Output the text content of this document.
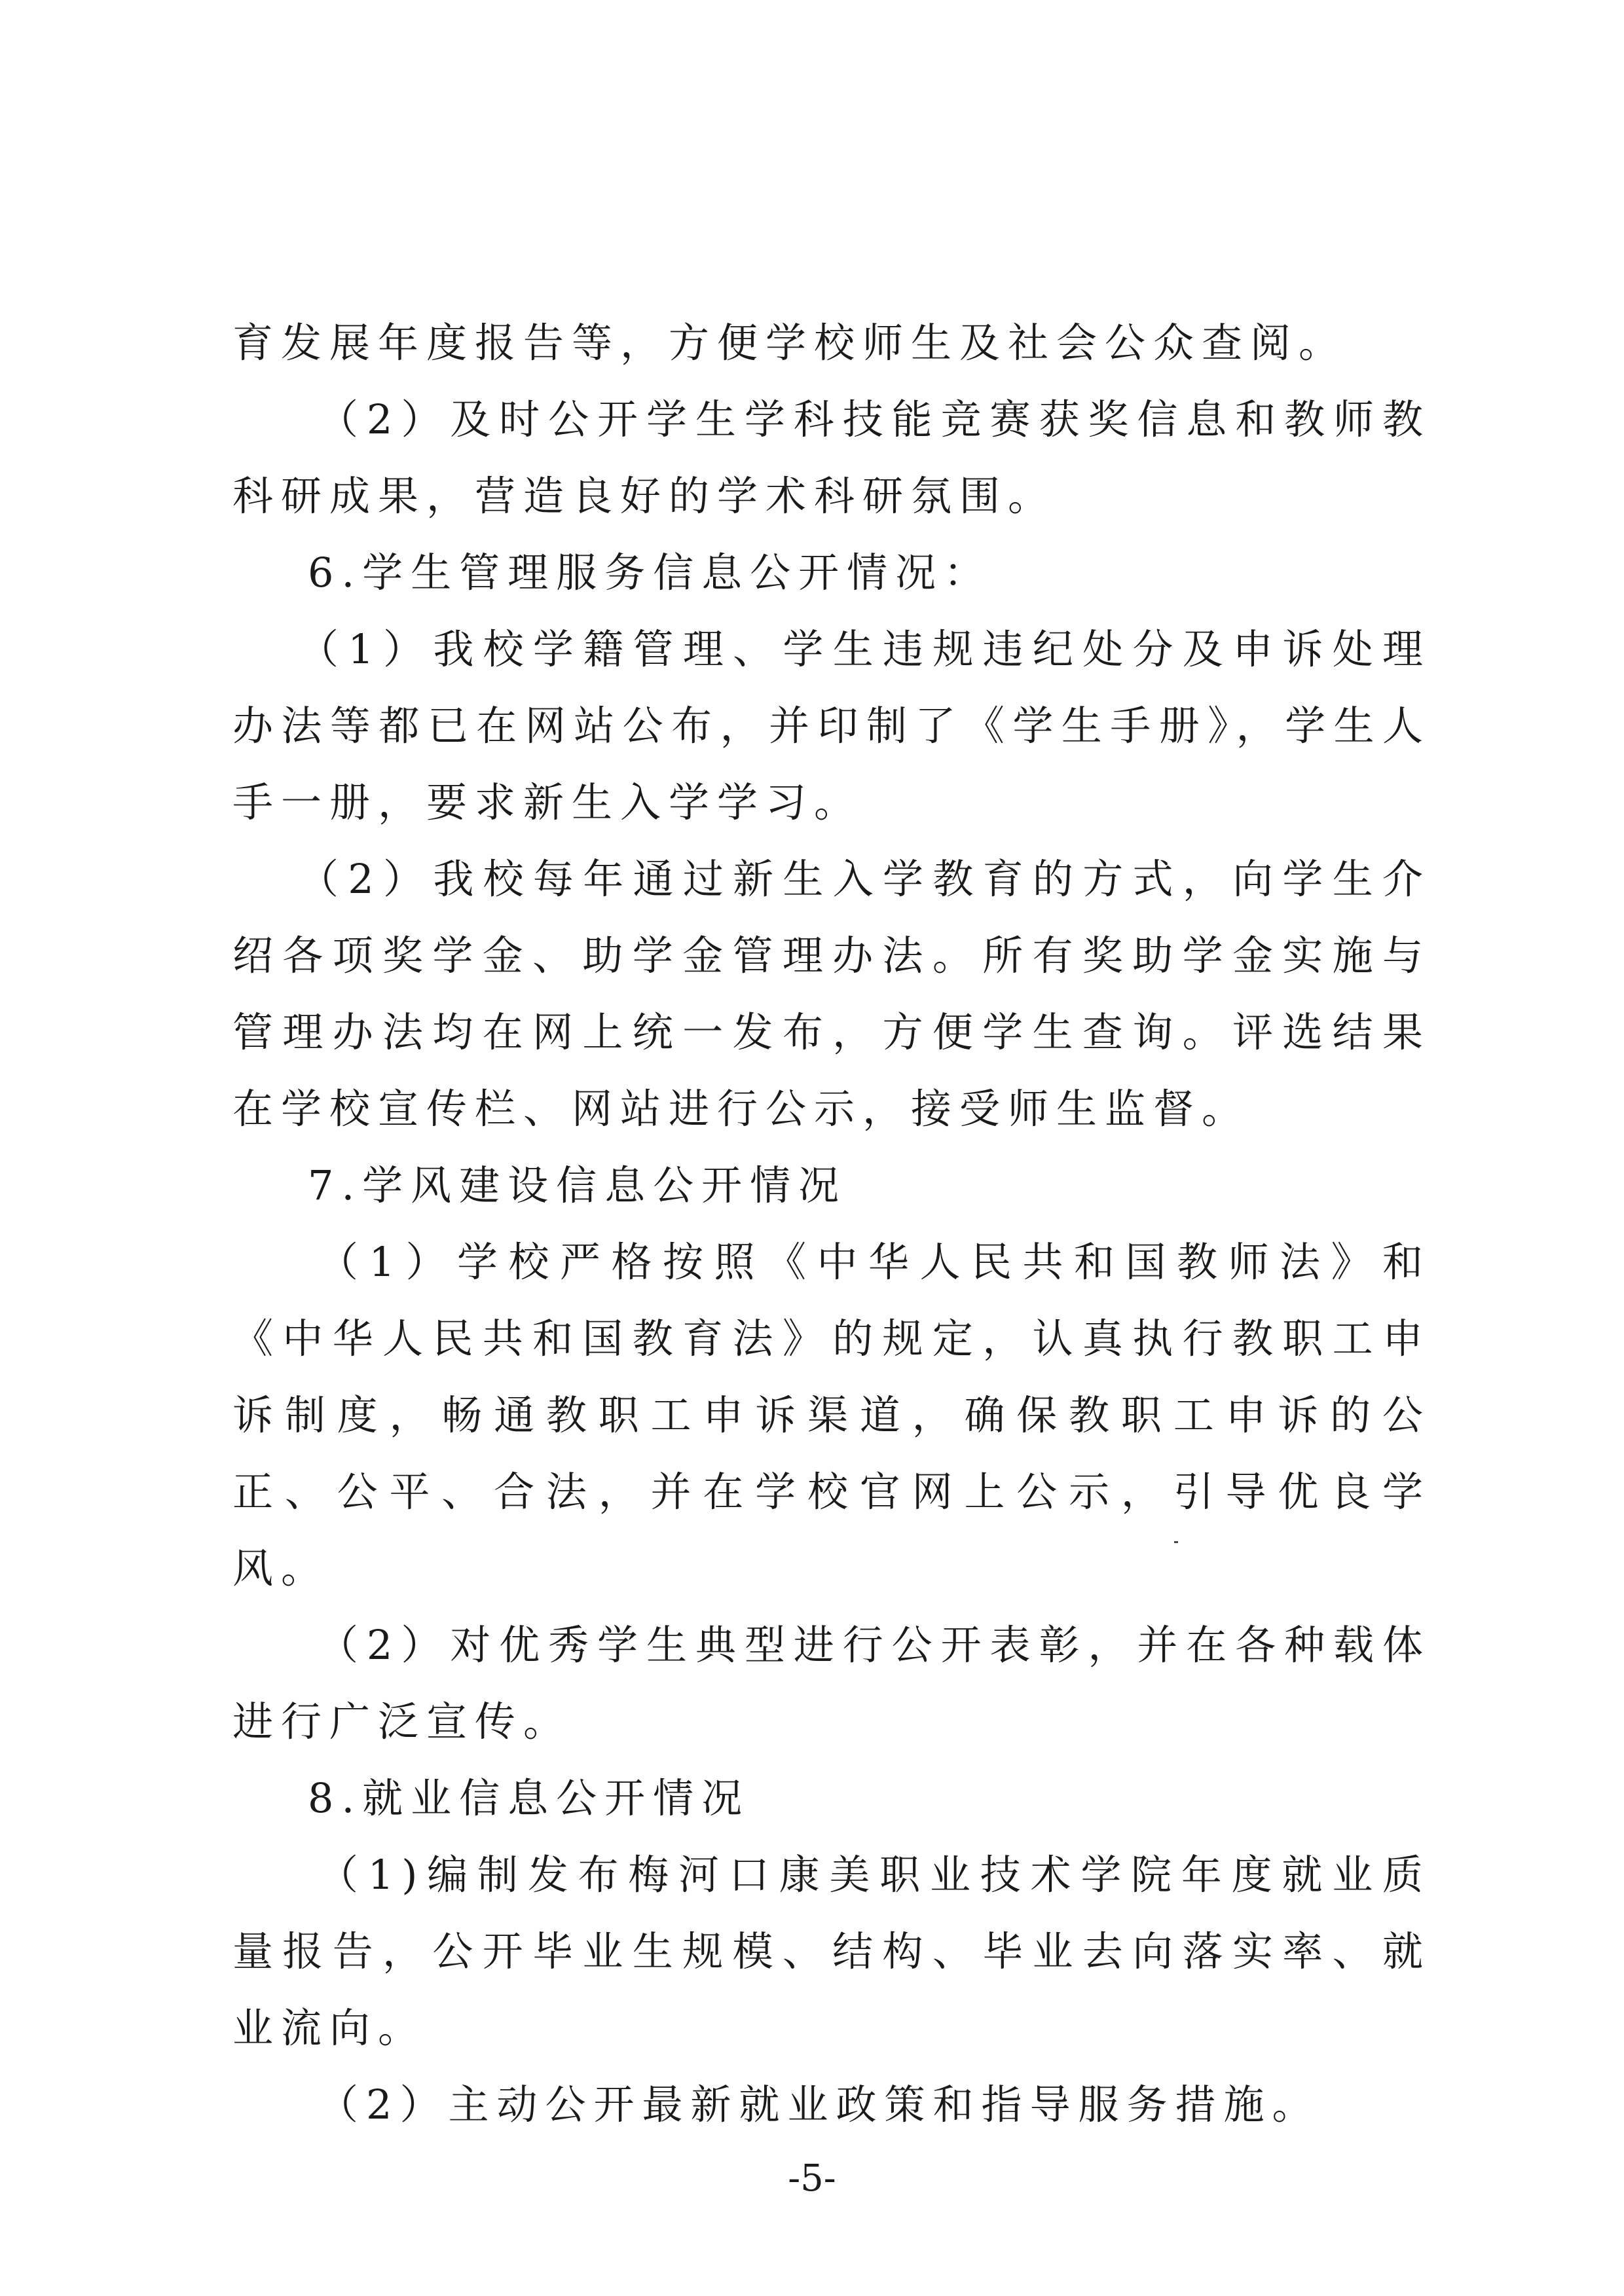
育发展年度报告等，方便学校师生及社会公众查阅。

（2）及时公开学生学科技能竞赛获奖信息和教师教科研成果，营造良好的学术科研氛围。

6.学生管理服务信息公开情况：

（1）我校学籍管理、学生违规违纪处分及申诉处理办法等都已在网站公布，并印制了《学生手册》，学生人手一册，要求新生入学学习。

（2）我校每年通过新生入学教育的方式，向学生介绍各项奖学金、助学金管理办法。所有奖助学金实施与管理办法均在网上统一发布，方便学生查询。评选结果在学校宣传栏、网站进行公示，接受师生监督。

7.学风建设信息公开情况

（1）学校严格按照《中华人民共和国教师法》和《中华人民共和国教育法》的规定，认真执行教职工申诉制度，畅通教职工申诉渠道，确保教职工申诉的公正、公平、合法，并在学校官网上公示，引导优良学风。

（2）对优秀学生典型进行公开表彰，并在各种载体进行广泛宣传。

8.就业信息公开情况

（1)编制发布梅河口康美职业技术学院年度就业质量报告，公开毕业生规模、结构、毕业去向落实率、就业流向。

（2）主动公开最新就业政策和指导服务措施。

-5-
